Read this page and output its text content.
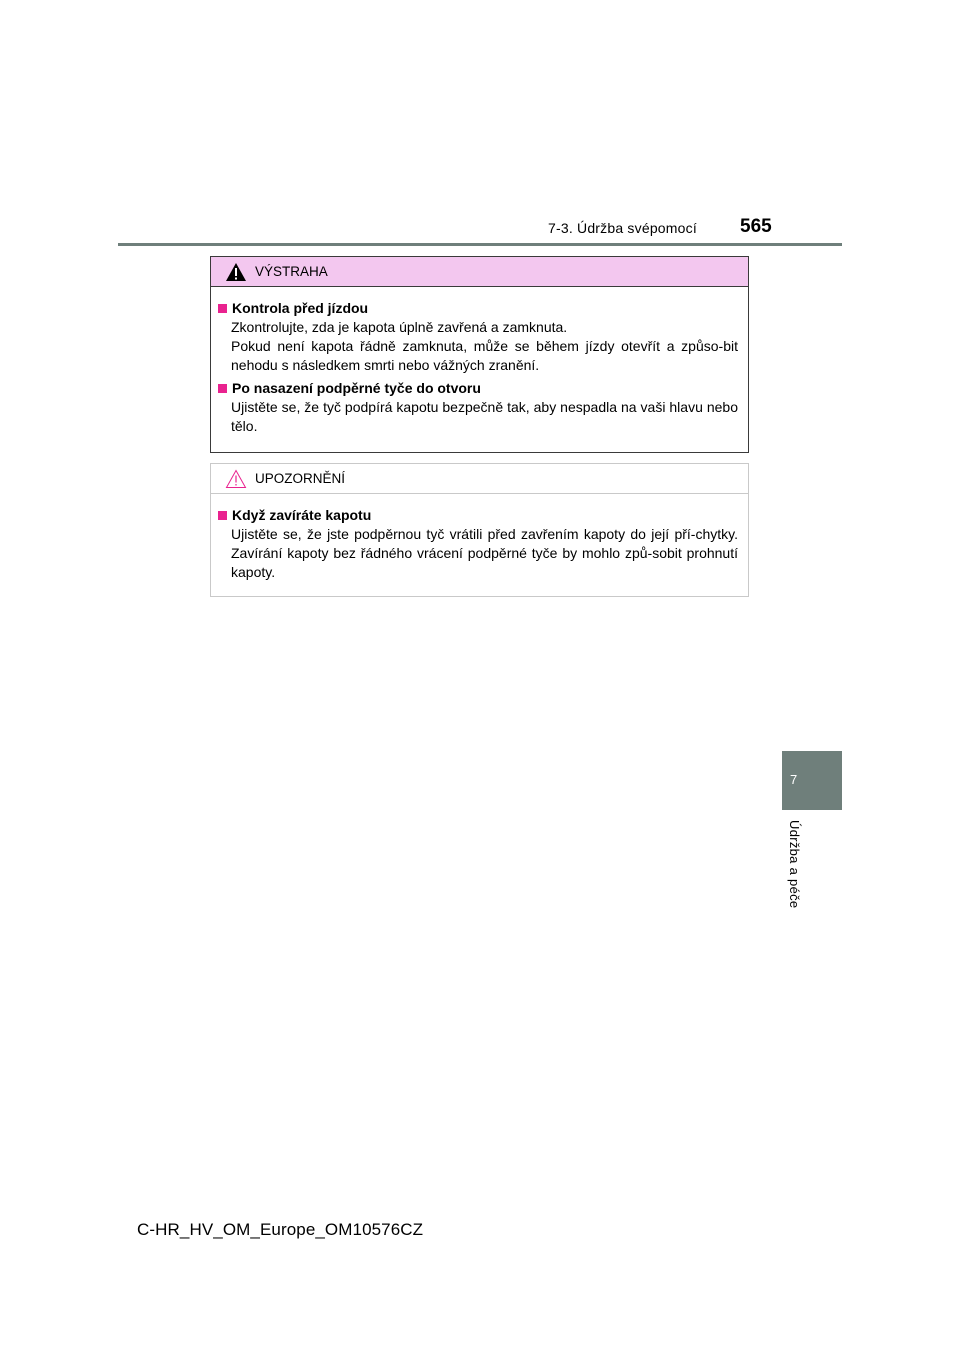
7-3. Údržba svépomocí 565
VÝSTRAHA
Kontrola před jízdou

Zkontrolujte, zda je kapota úplně zavřená a zamknuta.

Pokud není kapota řádně zamknuta, může se během jízdy otevřít a způso-bit nehodu s následkem smrti nebo vážných zranění.

Po nasazení podpěrné tyče do otvoru

Ujistěte se, že tyč podpírá kapotu bezpečně tak, aby nespadla na vaši hlavu nebo tělo.

UPOZORNĚNÍ
Když zavíráte kapotu

Ujistěte se, že jste podpěrnou tyč vrátili před zavřením kapoty do její pří-chytky. Zavírání kapoty bez řádného vrácení podpěrné tyče by mohlo způ-sobit prohnutí kapoty.

7
Údržba a péče
C-HR_HV_OM_Europe_OM10576CZ
